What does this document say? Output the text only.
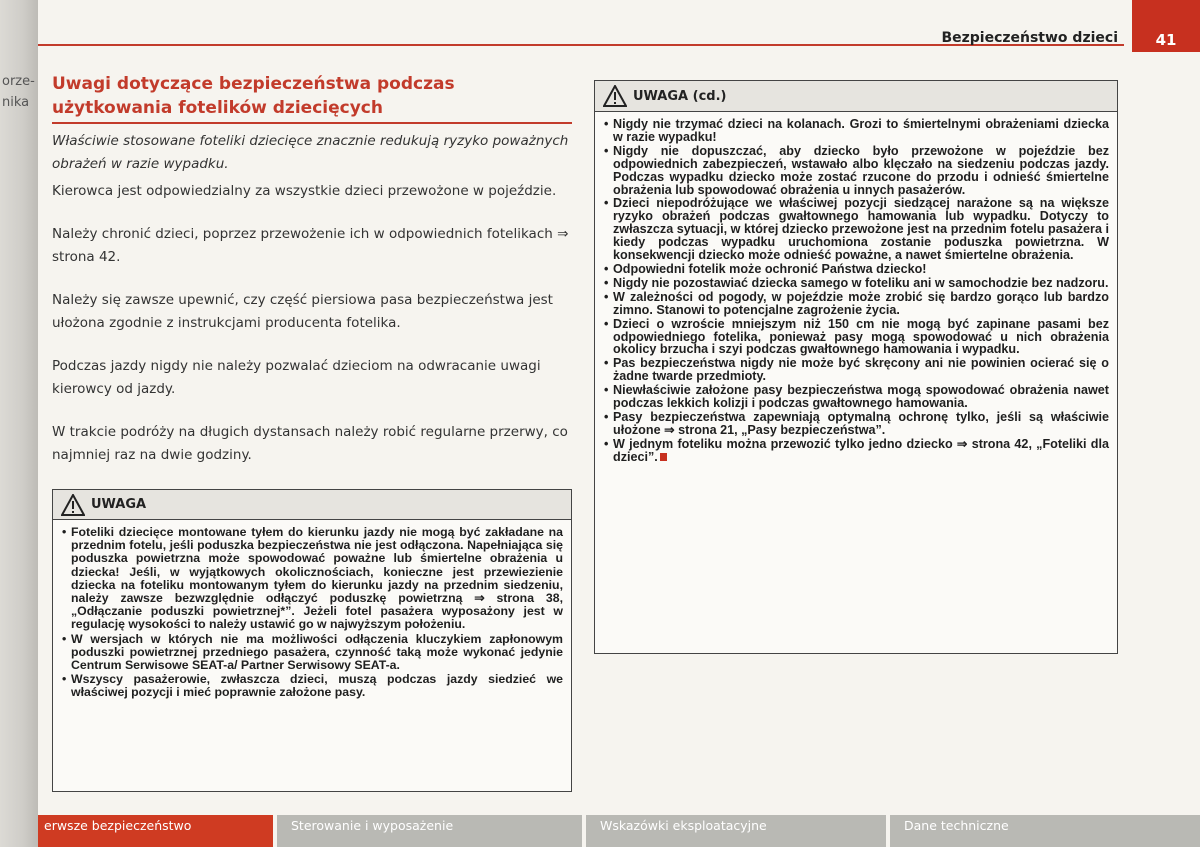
orze-
nika
Bezpieczeństwo dzieci	41
Uwagi dotyczące bezpieczeństwa podczas użytkowania fotelików dziecięcych

Właściwie stosowane foteliki dziecięce znacznie redukują ryzyko poważnych obrażeń w razie wypadku.

Kierowca jest odpowiedzialny za wszystkie dzieci przewożone w pojeździe.

Należy chronić dzieci, poprzez przewożenie ich w odpowiednich fotelikach ⇒ strona 42.

Należy się zawsze upewnić, czy część piersiowa pasa bezpieczeństwa jest ułożona zgodnie z instrukcjami producenta fotelika.

Podczas jazdy nigdy nie należy pozwalać dzieciom na odwracanie uwagi kierowcy od jazdy.

W trakcie podróży na długich dystansach należy robić regularne przerwy, co najmniej raz na dwie godziny.

UWAGA
• Foteliki dziecięce montowane tyłem do kierunku jazdy nie mogą być zakładane na przednim fotelu, jeśli poduszka bezpieczeństwa nie jest odłączona. Napełniająca się poduszka powietrzna może spowodować poważne lub śmiertelne obrażenia u dziecka! Jeśli, w wyjątkowych okolicznościach, konieczne jest przewiezienie dziecka na foteliku montowanym tyłem do kierunku jazdy na przednim siedzeniu, należy zawsze bezwzględnie odłączyć poduszkę powietrzną ⇒ strona 38, „Odłączanie poduszki powietrznej*”. Jeżeli fotel pasażera wyposażony jest w regulację wysokości to należy ustawić go w najwyższym położeniu.
• W wersjach w których nie ma możliwości odłączenia kluczykiem zapłonowym poduszki powietrznej przedniego pasażera, czynność taką może wykonać jedynie Centrum Serwisowe SEAT-a/ Partner Serwisowy SEAT-a.
• Wszyscy pasażerowie, zwłaszcza dzieci, muszą podczas jazdy siedzieć we właściwej pozycji i mieć poprawnie założone pasy.
UWAGA (cd.)
• Nigdy nie trzymać dzieci na kolanach. Grozi to śmiertelnymi obrażeniami dziecka w razie wypadku!
• Nigdy nie dopuszczać, aby dziecko było przewożone w pojeździe bez odpowiednich zabezpieczeń, wstawało albo klęczało na siedzeniu podczas jazdy. Podczas wypadku dziecko może zostać rzucone do przodu i odnieść śmiertelne obrażenia lub spowodować obrażenia u innych pasażerów.
• Dzieci niepodróżujące we właściwej pozycji siedzącej narażone są na większe ryzyko obrażeń podczas gwałtownego hamowania lub wypadku. Dotyczy to zwłaszcza sytuacji, w której dziecko przewożone jest na przednim fotelu pasażera i kiedy podczas wypadku uruchomiona zostanie poduszka powietrzna. W konsekwencji dziecko może odnieść poważne, a nawet śmiertelne obrażenia.
• Odpowiedni fotelik może ochronić Państwa dziecko!
• Nigdy nie pozostawiać dziecka samego w foteliku ani w samochodzie bez nadzoru.
• W zależności od pogody, w pojeździe może zrobić się bardzo gorąco lub bardzo zimno. Stanowi to potencjalne zagrożenie życia.
• Dzieci o wzroście mniejszym niż 150 cm nie mogą być zapinane pasami bez odpowiedniego fotelika, ponieważ pasy mogą spowodować u nich obrażenia okolicy brzucha i szyi podczas gwałtownego hamowania i wypadku.
• Pas bezpieczeństwa nigdy nie może być skręcony ani nie powinien ocierać się o żadne twarde przedmioty.
• Niewłaściwie założone pasy bezpieczeństwa mogą spowodować obrażenia nawet podczas lekkich kolizji i podczas gwałtownego hamowania.
• Pasy bezpieczeństwa zapewniają optymalną ochronę tylko, jeśli są właściwie ułożone ⇒ strona 21, „Pasy bezpieczeństwa”.
• W jednym foteliku można przewozić tylko jedno dziecko ⇒ strona 42, „Foteliki dla dzieci”.
erwsze bezpieczeństwo	Sterowanie i wyposażenie	Wskazówki eksploatacyjne	Dane techniczne
